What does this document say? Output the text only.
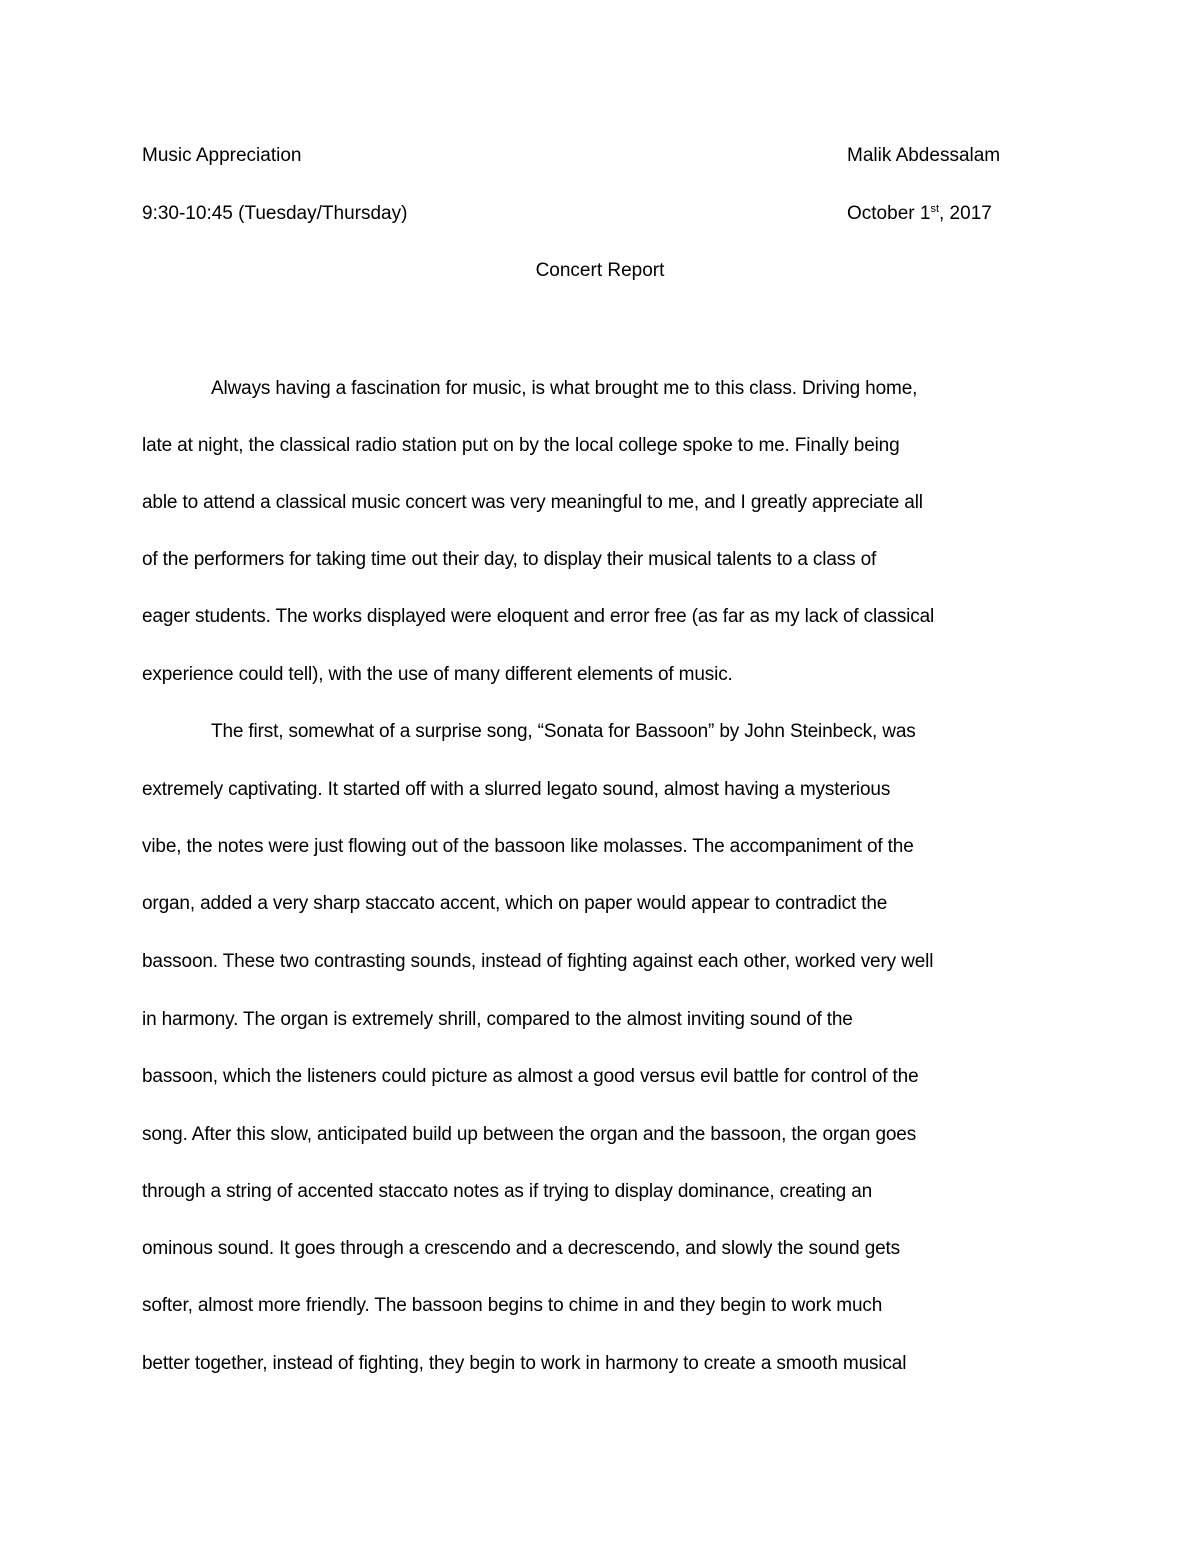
Music Appreciation	Malik Abdessalam
9:30-10:45 (Tuesday/Thursday)	October 1st, 2017
Concert Report
Always having a fascination for music, is what brought me to this class. Driving home,
late at night, the classical radio station put on by the local college spoke to me. Finally being
able to attend a classical music concert was very meaningful to me, and I greatly appreciate all
of the performers for taking time out their day, to display their musical talents to a class of
eager students. The works displayed were eloquent and error free (as far as my lack of classical
experience could tell), with the use of many different elements of music.
The first, somewhat of a surprise song, “Sonata for Bassoon” by John Steinbeck, was
extremely captivating. It started off with a slurred legato sound, almost having a mysterious
vibe, the notes were just flowing out of the bassoon like molasses. The accompaniment of the
organ, added a very sharp staccato accent, which on paper would appear to contradict the
bassoon. These two contrasting sounds, instead of fighting against each other, worked very well
in harmony. The organ is extremely shrill, compared to the almost inviting sound of the
bassoon, which the listeners could picture as almost a good versus evil battle for control of the
song. After this slow, anticipated build up between the organ and the bassoon, the organ goes
through a string of accented staccato notes as if trying to display dominance, creating an
ominous sound. It goes through a crescendo and a decrescendo, and slowly the sound gets
softer, almost more friendly. The bassoon begins to chime in and they begin to work much
better together, instead of fighting, they begin to work in harmony to create a smooth musical
